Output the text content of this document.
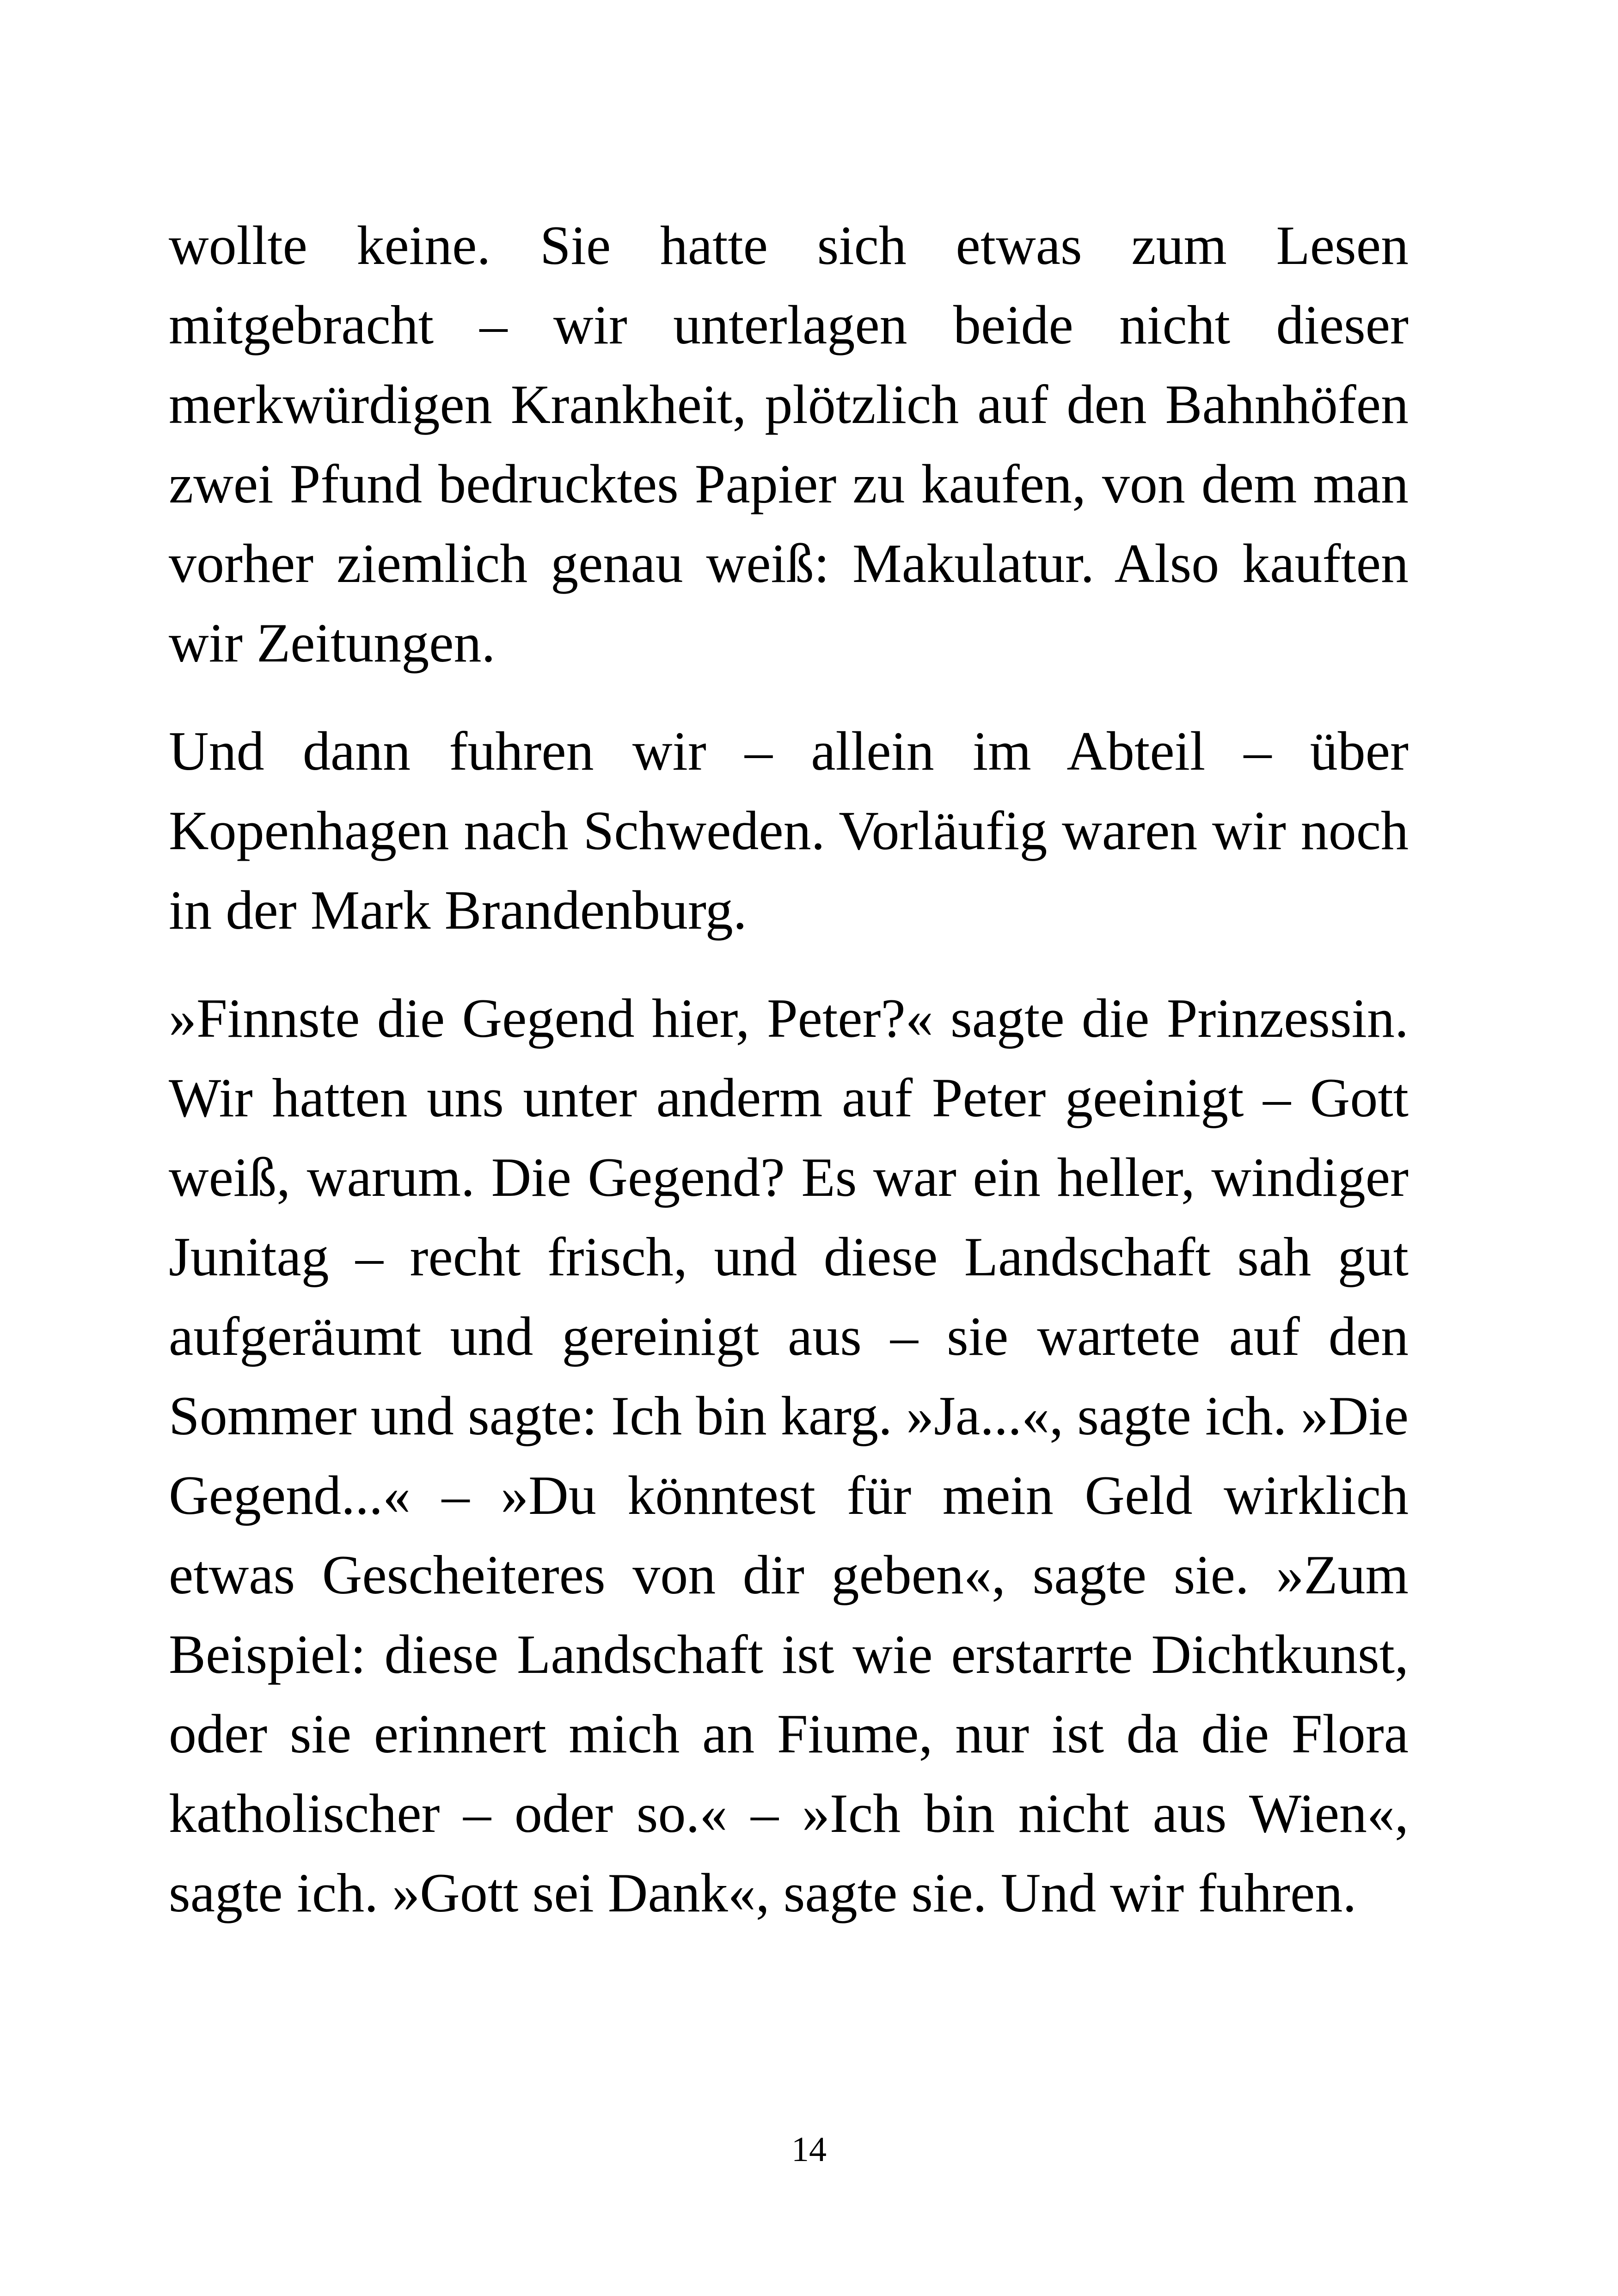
wollte keine. Sie hatte sich etwas zum Lesen mitgebracht – wir unterlagen beide nicht dieser merkwürdigen Krankheit, plötzlich auf den Bahnhöfen zwei Pfund bedrucktes Papier zu kaufen, von dem man vorher ziemlich genau weiß: Makulatur. Also kauften wir Zeitungen.

Und dann fuhren wir – allein im Abteil – über Kopenhagen nach Schweden. Vorläufig waren wir noch in der Mark Brandenburg.

»Finnste die Gegend hier, Peter?« sagte die Prinzessin. Wir hatten uns unter anderm auf Peter geeinigt – Gott weiß, warum. Die Gegend? Es war ein heller, windiger Junitag – recht frisch, und diese Landschaft sah gut aufgeräumt und gereinigt aus – sie wartete auf den Sommer und sagte: Ich bin karg. »Ja...«, sagte ich. »Die Gegend...« – »Du könntest für mein Geld wirklich etwas Gescheiteres von dir geben«, sagte sie. »Zum Beispiel: diese Landschaft ist wie erstarrte Dichtkunst, oder sie erinnert mich an Fiume, nur ist da die Flora katholischer – oder so.« – »Ich bin nicht aus Wien«, sagte ich. »Gott sei Dank«, sagte sie. Und wir fuhren.

14
